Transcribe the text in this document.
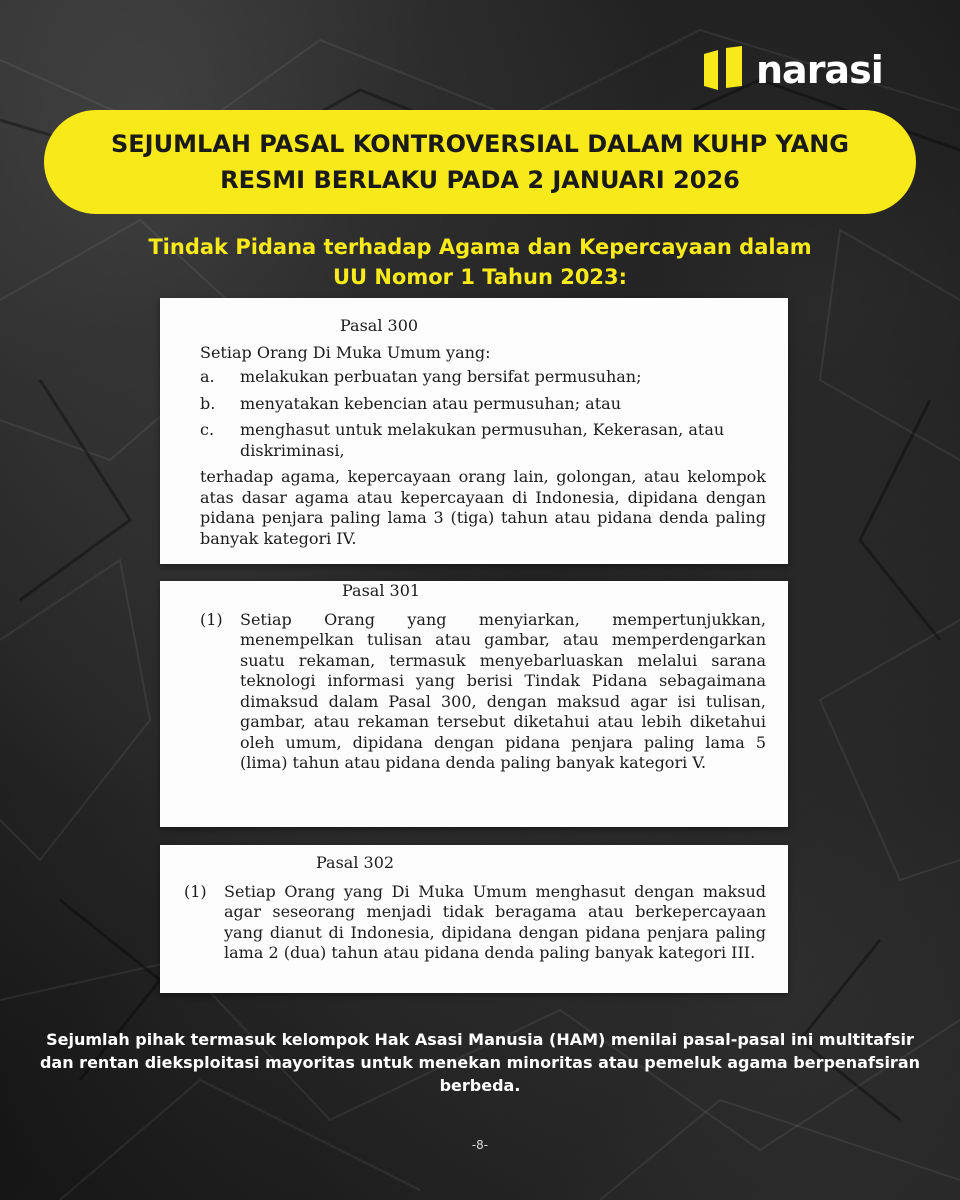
narasi
SEJUMLAH PASAL KONTROVERSIAL DALAM KUHP YANG RESMI BERLAKU PADA 2 JANUARI 2026
Tindak Pidana terhadap Agama dan Kepercayaan dalam UU Nomor 1 Tahun 2023:
Pasal 300
Setiap Orang Di Muka Umum yang:
a.	melakukan perbuatan yang bersifat permusuhan;
b.	menyatakan kebencian atau permusuhan; atau
c.	menghasut untuk melakukan permusuhan, Kekerasan, atau diskriminasi,
terhadap agama, kepercayaan orang lain, golongan, atau kelompok atas dasar agama atau kepercayaan di Indonesia, dipidana dengan pidana penjara paling lama 3 (tiga) tahun atau pidana denda paling banyak kategori IV.
Pasal 301
(1)	Setiap Orang yang menyiarkan, mempertunjukkan, menempelkan tulisan atau gambar, atau memperdengarkan suatu rekaman, termasuk menyebarluaskan melalui sarana teknologi informasi yang berisi Tindak Pidana sebagaimana dimaksud dalam Pasal 300, dengan maksud agar isi tulisan, gambar, atau rekaman tersebut diketahui atau lebih diketahui oleh umum, dipidana dengan pidana penjara paling lama 5 (lima) tahun atau pidana denda paling banyak kategori V.
Pasal 302
(1)	Setiap Orang yang Di Muka Umum menghasut dengan maksud agar seseorang menjadi tidak beragama atau berkepercayaan yang dianut di Indonesia, dipidana dengan pidana penjara paling lama 2 (dua) tahun atau pidana denda paling banyak kategori III.
Sejumlah pihak termasuk kelompok Hak Asasi Manusia (HAM) menilai pasal-pasal ini multitafsir dan rentan dieksploitasi mayoritas untuk menekan minoritas atau pemeluk agama berpenafsiran berbeda.
-8-
